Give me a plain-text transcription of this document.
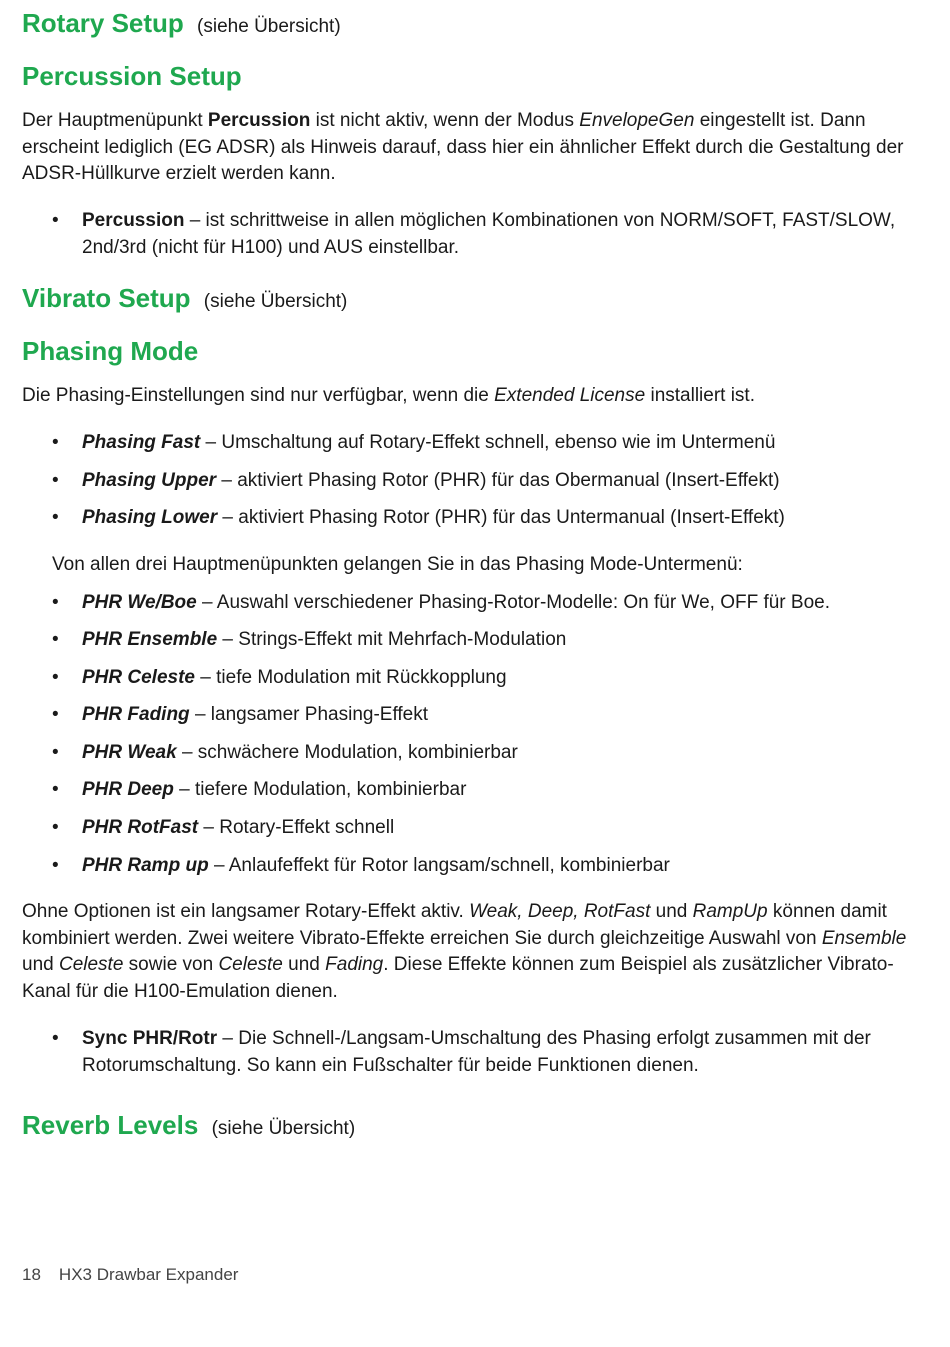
Rotary Setup (siehe Übersicht)
Percussion Setup

Der Hauptmenüpunkt Percussion ist nicht aktiv, wenn der Modus EnvelopeGen eingestellt ist. Dann erscheint lediglich (EG ADSR) als Hinweis darauf, dass hier ein ähnlicher Effekt durch die Gestaltung der ADSR-Hüllkurve erzielt werden kann.

• Percussion – ist schrittweise in allen möglichen Kombinationen von NORM/SOFT, FAST/SLOW, 2nd/3rd (nicht für H100) und AUS einstellbar.
Vibrato Setup (siehe Übersicht)
Phasing Mode

Die Phasing-Einstellungen sind nur verfügbar, wenn die Extended License installiert ist.

• Phasing Fast – Umschaltung auf Rotary-Effekt schnell, ebenso wie im Untermenü
• Phasing Upper – aktiviert Phasing Rotor (PHR) für das Obermanual (Insert-Effekt)
• Phasing Lower – aktiviert Phasing Rotor (PHR) für das Untermanual (Insert-Effekt)
Von allen drei Hauptmenüpunkten gelangen Sie in das Phasing Mode-Untermenü:
• PHR We/Boe – Auswahl verschiedener Phasing-Rotor-Modelle: On für We, OFF für Boe.
• PHR Ensemble – Strings-Effekt mit Mehrfach-Modulation
• PHR Celeste – tiefe Modulation mit Rückkopplung
• PHR Fading – langsamer Phasing-Effekt
• PHR Weak – schwächere Modulation, kombinierbar
• PHR Deep – tiefere Modulation, kombinierbar
• PHR RotFast – Rotary-Effekt schnell
• PHR Ramp up – Anlaufeffekt für Rotor langsam/schnell, kombinierbar

Ohne Optionen ist ein langsamer Rotary-Effekt aktiv. Weak, Deep, RotFast und RampUp können damit kombiniert werden. Zwei weitere Vibrato-Effekte erreichen Sie durch gleichzeitige Auswahl von Ensemble und Celeste sowie von Celeste und Fading. Diese Effekte können zum Beispiel als zusätzlicher Vibrato-Kanal für die H100-Emulation dienen.

• Sync PHR/Rotr – Die Schnell-/Langsam-Umschaltung des Phasing erfolgt zusammen mit der Rotorumschaltung. So kann ein Fußschalter für beide Funktionen dienen.
Reverb Levels (siehe Übersicht)
18 HX3 Drawbar Expander
